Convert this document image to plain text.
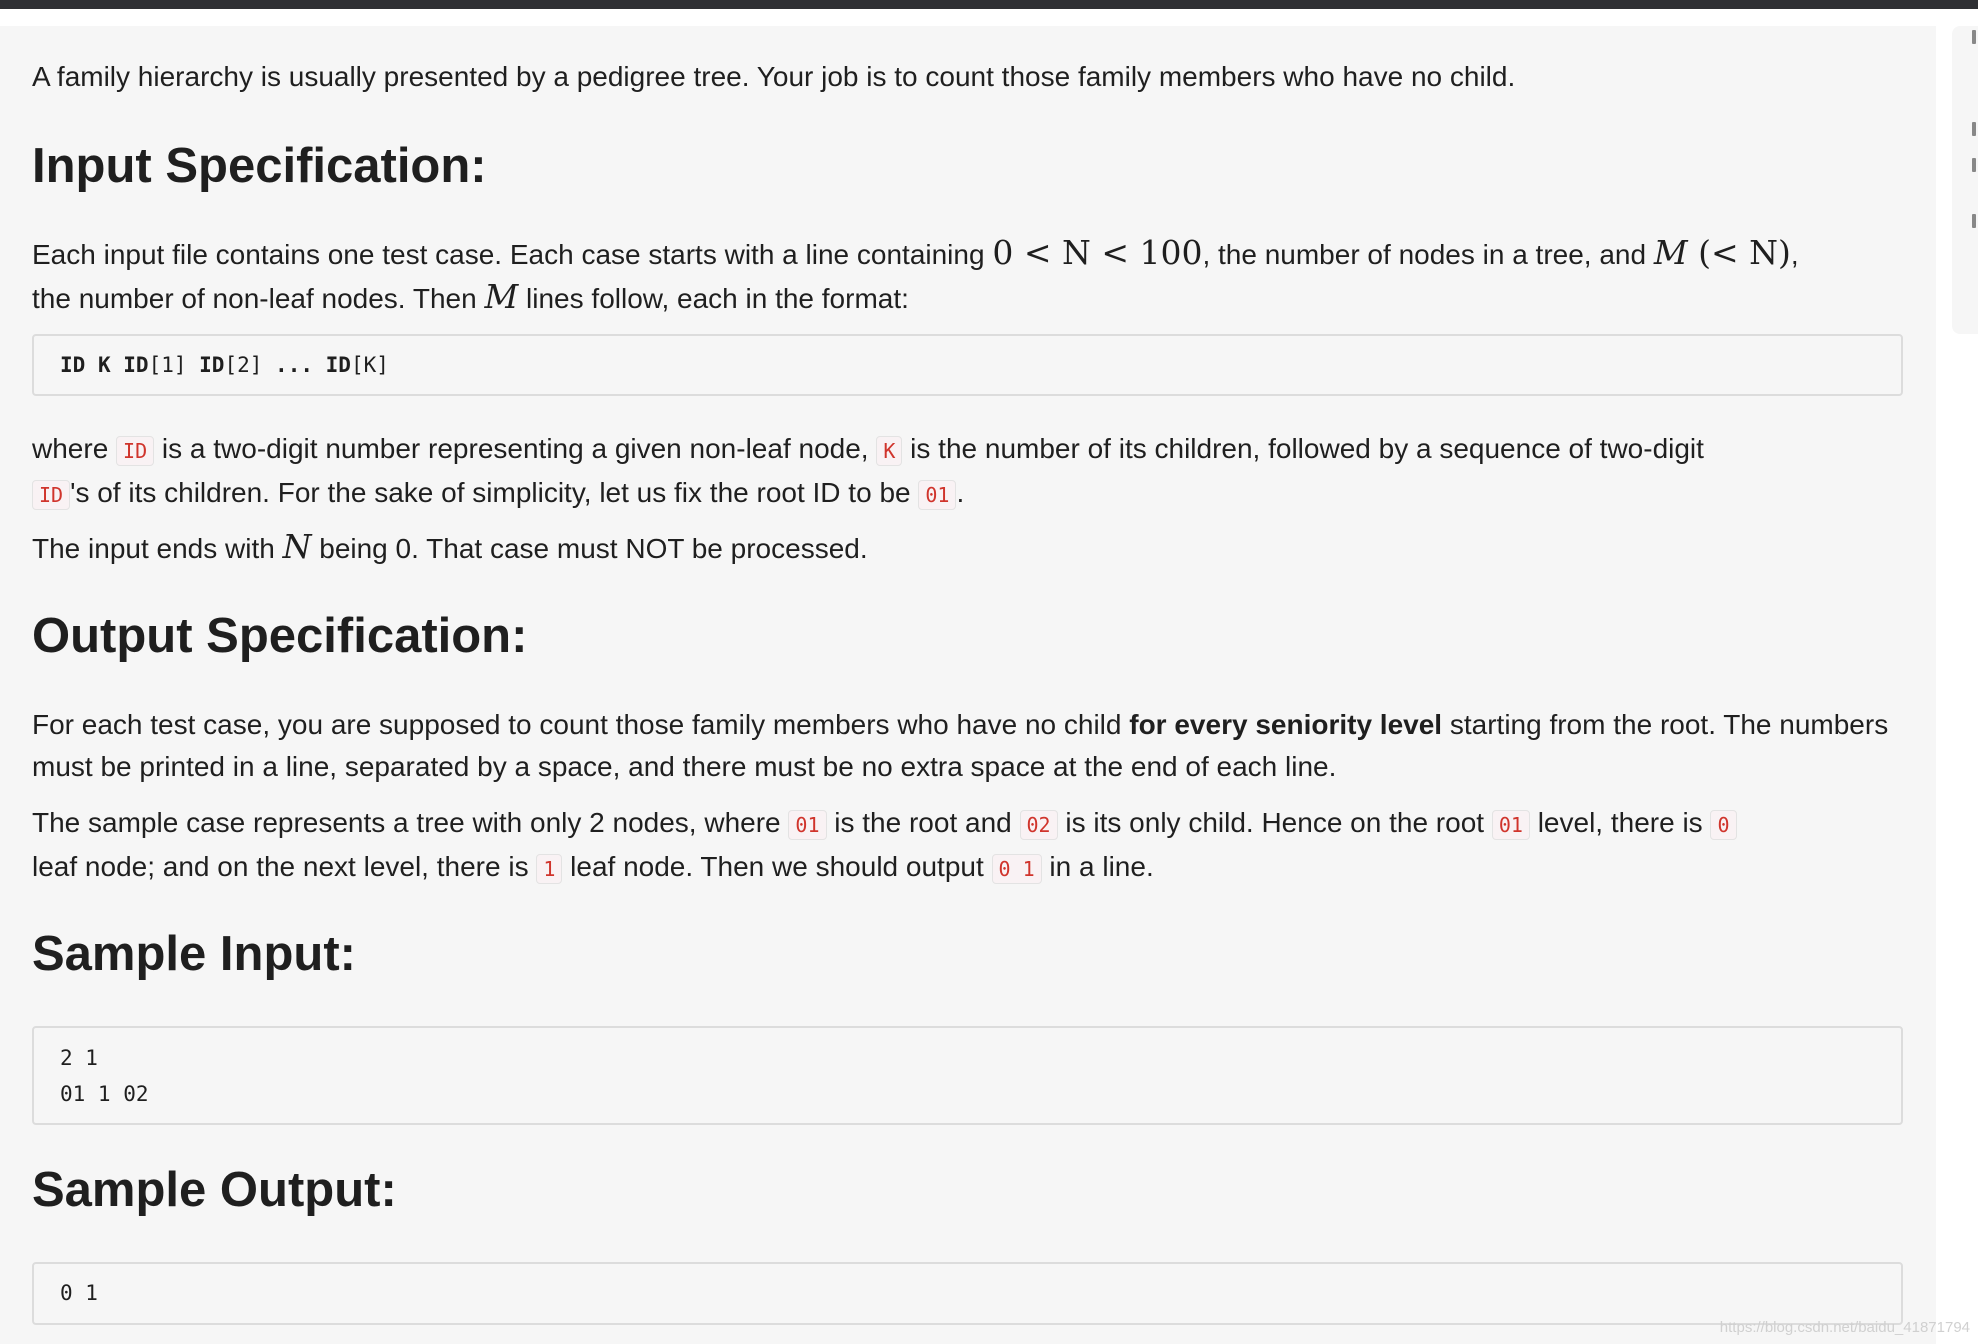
A family hierarchy is usually presented by a pedigree tree. Your job is to count those family members who have no child.

Input Specification:

Each input file contains one test case. Each case starts with a line containing 0 < N < 100, the number of nodes in a tree, and M (< N),
the number of non-leaf nodes. Then M lines follow, each in the format:

ID K ID[1] ID[2] ... ID[K]

where ID is a two-digit number representing a given non-leaf node, K is the number of its children, followed by a sequence of two-digit
ID 's of its children. For the sake of simplicity, let us fix the root ID to be 01 .

The input ends with N being 0. That case must NOT be processed.

Output Specification:

For each test case, you are supposed to count those family members who have no child for every seniority level starting from the root. The numbers must be printed in a line, separated by a space, and there must be no extra space at the end of each line.

The sample case represents a tree with only 2 nodes, where 01 is the root and 02 is its only child. Hence on the root 01 level, there is 0
leaf node; and on the next level, there is 1 leaf node. Then we should output 0 1 in a line.

Sample Input:
2 1
01 1 02
Sample Output:
0 1
https://blog.csdn.net/baidu_41871794
